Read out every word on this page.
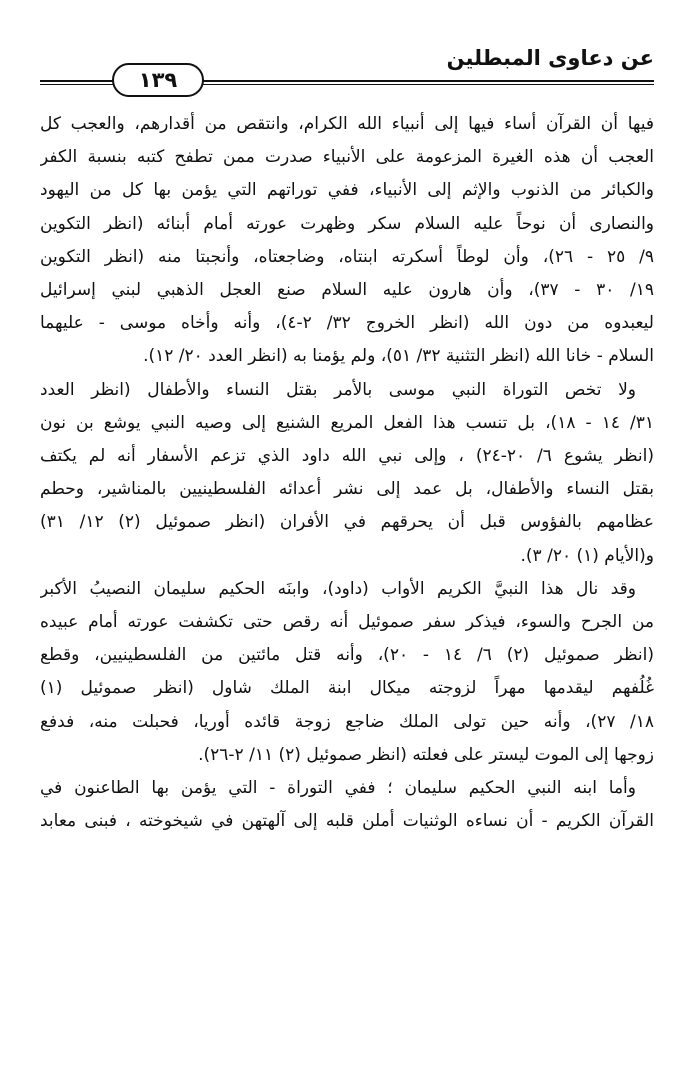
عن دعاوى المبطلين
١٣٩
فيها أن القرآن أساء فيها إلى أنبياء الله الكرام، وانتقص من أقدارهم، والعجب كل
العجب أن هذه الغيرة المزعومة على الأنبياء صدرت ممن تطفح كتبه بنسبة الكفر
والكبائر من الذنوب والإثم إلى الأنبياء، ففي توراتهم التي يؤمن بها كل من اليهود
والنصارى أن نوحاً عليه السلام سكر وظهرت عورته أمام أبنائه (انظر التكوين
٩/ ٢٥ - ٢٦)، وأن لوطاً أسكرته ابنتاه، وضاجعتاه، وأنجبتا منه (انظر التكوين
١٩/ ٣٠ - ٣٧)، وأن هارون عليه السلام صنع العجل الذهبي لبني إسرائيل
ليعبدوه من دون الله (انظر الخروج ٣٢/ ٢-٤)، وأنه وأخاه موسى - عليهما
السلام - خانا الله (انظر التثنية ٣٢/ ٥١)، ولم يؤمنا به (انظر العدد ٢٠/ ١٢).
ولا تخص التوراة النبي موسى بالأمر بقتل النساء والأطفال (انظر العدد
٣١/ ١٤ - ١٨)، بل تنسب هذا الفعل المريع الشنيع إلى وصيه النبي يوشع بن نون
(انظر يشوع ٦/ ٢٠-٢٤) ، وإلى نبي الله داود الذي تزعم الأسفار أنه لم يكتف
بقتل النساء والأطفال، بل عمد إلى نشر أعدائه الفلسطينيين بالمناشير، وحطم
عظامهم بالفؤوس قبل أن يحرقهم في الأفران (انظر صموئيل (٢) ١٢/ ٣١)
و(الأيام (١) ٢٠/ ٣).
وقد نال هذا النبيَّ الكريم الأواب (داود)، وابنَه الحكيم سليمان النصيبُ الأكبر
من الجرح والسوء، فيذكر سفر صموئيل أنه رقص حتى تكشفت عورته أمام عبيده
(انظر صموئيل (٢) ٦/ ١٤ - ٢٠)، وأنه قتل مائتين من الفلسطينيين، وقطع
غُلُفهم ليقدمها مهراً لزوجته ميكال ابنة الملك شاول (انظر صموئيل (١)
١٨/ ٢٧)، وأنه حين تولى الملك ضاجع زوجة قائده أوريا، فحبلت منه، فدفع
زوجها إلى الموت ليستر على فعلته (انظر صموئيل (٢) ١١/ ٢-٢٦).
وأما ابنه النبي الحكيم سليمان ؛ ففي التوراة - التي يؤمن بها الطاعنون في
القرآن الكريم - أن نساءه الوثنيات أملن قلبه إلى آلهتهن في شيخوخته ، فبنى معابد
